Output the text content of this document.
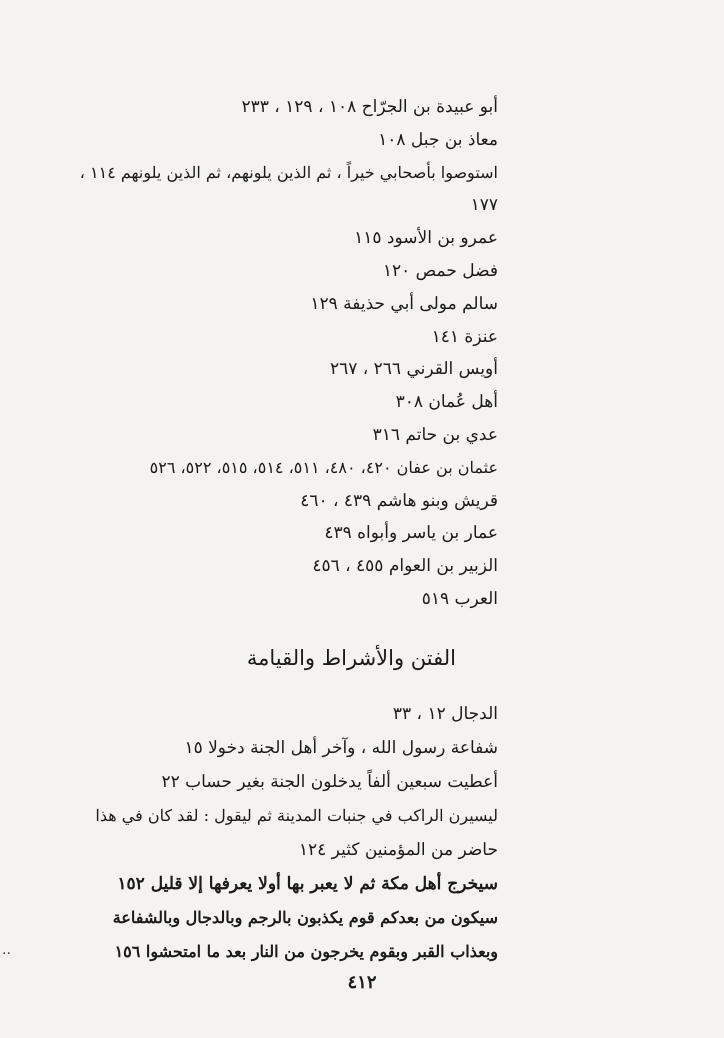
أبو عبيدة بن الجرّاح ١٠٨ ، ١٢٩ ، ٢٣٣
معاذ بن جبل ١٠٨
استوصوا بأصحابي خيراً ، ثم الذين يلونهم، ثم الذين يلونهم ١١٤ ،
١٧٧
عمرو بن الأسود ١١٥
فضل حمص ١٢٠
سالم مولى أبي حذيفة ١٢٩
عنزة ١٤١
أويس القرني ٢٦٦ ، ٢٦٧
أهل عُمان ٣٠٨
عدي بن حاتم ٣١٦
عثمان بن عفان ٤٢٠، ٤٨٠، ٥١١، ٥١٤، ٥١٥، ٥٢٢، ٥٢٦
قريش وبنو هاشم ٤٣٩ ، ٤٦٠
عمار بن ياسر وأبواه ٤٣٩
الزبير بن العوام ٤٥٥ ، ٤٥٦
العرب ٥١٩
الفتن والأشراط والقيامة
الدجال ١٢ ، ٣٣
شفاعة رسول الله ، وآخر أهل الجنة دخولا ١٥
أعطيت سبعين ألفاً يدخلون الجنة بغير حساب ٢٢
ليسيرن الراكب في جنبات المدينة ثم ليقول : لقد كان في هذا
حاضر من المؤمنين كثير ١٢٤
سيخرج أهل مكة ثم لا يعبر بها أولا يعرفها إلا قليل ١٥٢
سيكون من بعدكم قوم يكذبون بالرجم وبالدجال وبالشفاعة
وبعذاب القبر وبقوم يخرجون من النار بعد ما امتحشوا ١٥٦
٤١٢
..
